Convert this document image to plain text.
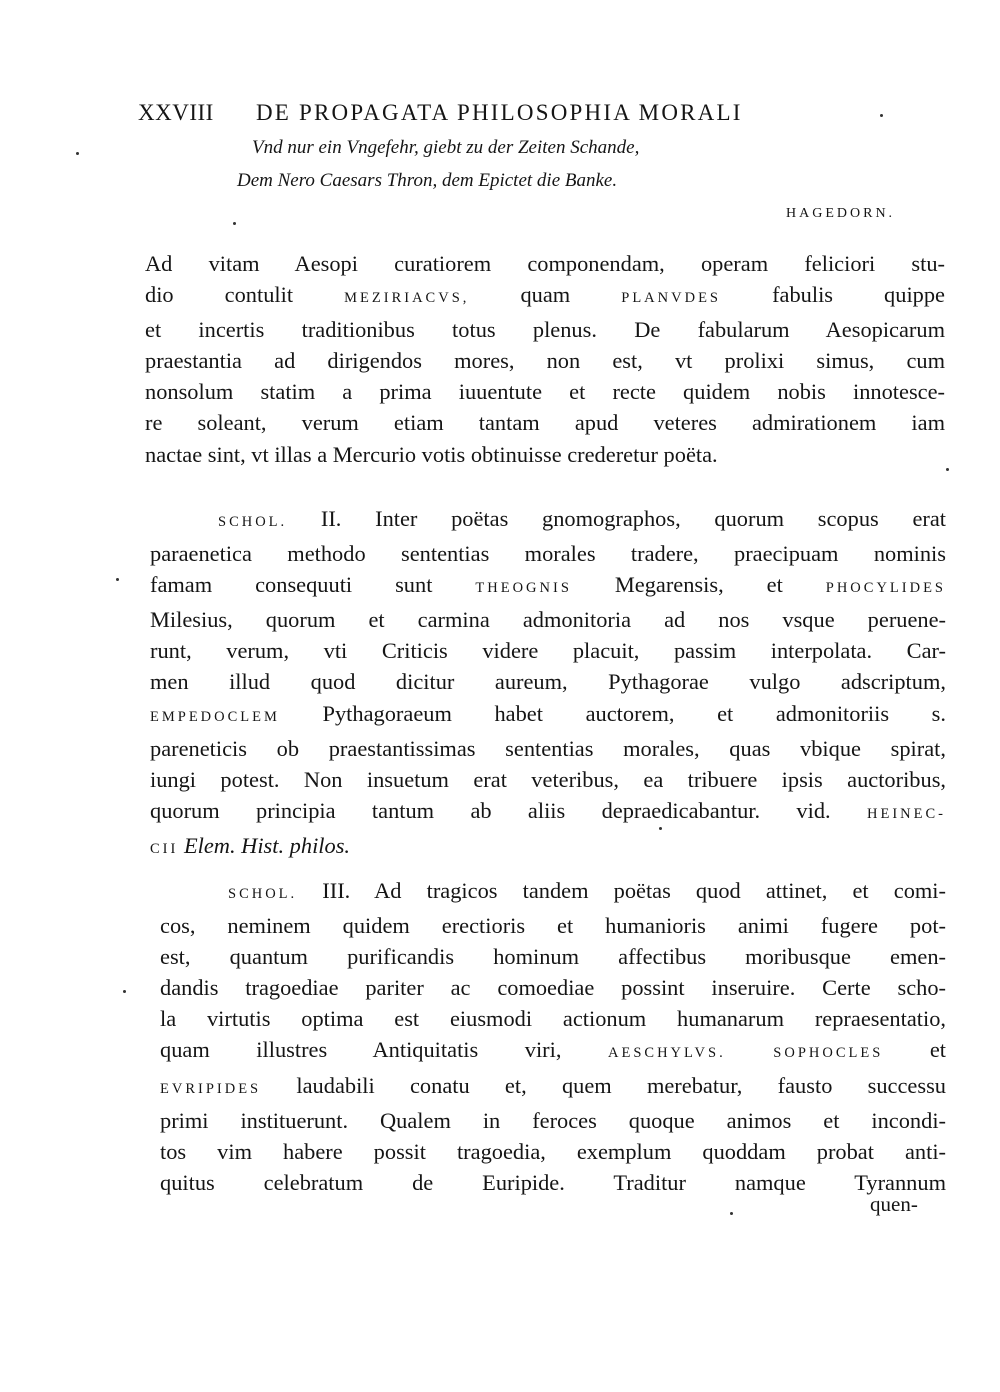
XXVIII DE PROPAGATA PHILOSOPHIA MORALI
Vnd nur ein Vngefehr, giebt zu der Zeiten Schande,
Dem Nero Caesars Thron, dem Epictet die Banke.
HAGEDORN.
Ad vitam Aesopi curatiorem componendam, operam feliciori stu-
dio contulit	MEZIRIACVS, quam	PLANVDES fabulis quippe
et incertis traditionibus totus plenus. De fabularum Aesopicarum
praestantia ad dirigendos mores, non est, vt prolixi simus, cum
nonsolum statim a prima iuuentute et recte quidem nobis innotesce-
re soleant, verum etiam tantam apud veteres admirationem iam
nactae sint, vt illas a Mercurio votis obtinuisse crederetur poëta.
SCHOL. II. Inter poëtas gnomographos, quorum scopus erat
paraenetica methodo sententias morales tradere, praecipuam nominis
famam consequuti sunt	THEOGNIS Megarensis, et	PHOCYLIDES
Milesius, quorum et carmina admonitoria ad nos vsque peruene-
runt, verum, vti Criticis videre placuit, passim interpolata. Car-
men illud quod dicitur aureum, Pythagorae vulgo adscriptum,
EMPEDOCLEM Pythagoraeum habet auctorem, et admonitoriis s.
pareneticis ob praestantissimas sententias morales, quas vbique spirat,
iungi potest. Non insuetum erat veteribus, ea tribuere ipsis auctoribus,
quorum principia tantum ab aliis depraedicabantur. vid.	HEINEC-
CII Elem. Hist. philos.
SCHOL. III. Ad tragicos tandem poëtas quod attinet, et comi-
cos, neminem quidem erectioris et humanioris animi fugere pot-
est, quantum purificandis hominum affectibus moribusque emen-
dandis tragoediae pariter ac comoediae possint inseruire. Certe scho-
la virtutis optima est eiusmodi actionum humanarum repraesentatio,
quam illustres Antiquitatis viri,	AESCHYLVS. SOPHOCLES et
EVRIPIDES laudabili conatu et, quem merebatur, fausto successu
primi instituerunt. Qualem in feroces quoque animos et incondi-
tos vim habere possit tragoedia, exemplum quoddam probat anti-
quitus celebratum de Euripide. Traditur namque Tyrannum
quen-
